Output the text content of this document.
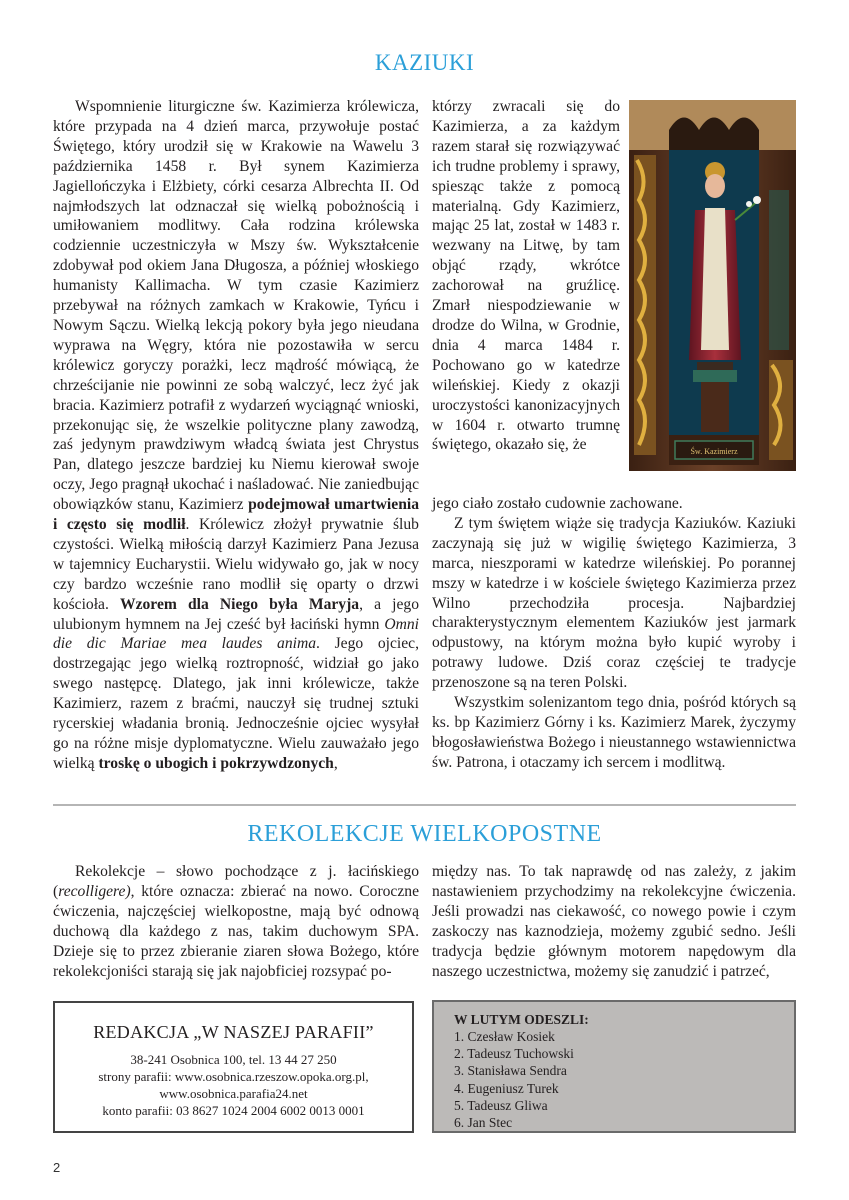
KAZIUKI

Wspomnienie liturgiczne św. Kazimierza królewicza, które przypada na 4 dzień marca, przywołuje postać Świętego, który urodził się w Krakowie na Wawelu 3 października 1458 r. Był synem Kazimierza Jagiellończyka i Elżbiety, córki cesarza Albrechta II. Od najmłodszych lat odznaczał się wielką pobożnością i umiłowaniem modlitwy. Cała rodzina królewska codziennie uczestniczyła w Mszy św. Wykształcenie zdobywał pod okiem Jana Długosza, a później włoskiego humanisty Kallimacha. W tym czasie Kazimierz przebywał na różnych zamkach w Krakowie, Tyńcu i Nowym Sączu. Wielką lekcją pokory była jego nieudana wyprawa na Węgry, która nie pozostawiła w sercu królewicz goryczy porażki, lecz mądrość mówiącą, że chrześcijanie nie powinni ze sobą walczyć, lecz żyć jak bracia. Kazimierz potrafił z wydarzeń wyciągnąć wnioski, przekonując się, że wszelkie polityczne plany zawodzą, zaś jedynym prawdziwym władcą świata jest Chrystus Pan, dlatego jeszcze bardziej ku Niemu kierował swoje oczy, Jego pragnął ukochać i naśladować. Nie zaniedbując obowiązków stanu, Kazimierz podejmował umartwienia i często się modlił. Królewicz złożył prywatnie ślub czystości. Wielką miłością darzył Kazimierz Pana Jezusa w tajemnicy Eucharystii. Wielu widywało go, jak w nocy czy bardzo wcześnie rano modlił się oparty o drzwi kościoła. Wzorem dla Niego była Maryja, a jego ulubionym hymnem na Jej cześć był łaciński hymn Omni die dic Mariae mea laudes anima. Jego ojciec, dostrzegając jego wielką roztropność, widział go jako swego następcę. Dlatego, jak inni królewicze, także Kazimierz, razem z braćmi, nauczył się trudnej sztuki rycerskiej władania bronią. Jednocześnie ojciec wysyłał go na różne misje dyplomatyczne. Wielu zauważało jego wielką troskę o ubogich i pokrzywdzonych,

którzy zwracali się do Kazimierza, a za każdym razem starał się rozwiązywać ich trudne problemy i sprawy, spiesząc także z pomocą materialną. Gdy Kazimierz, mając 25 lat, został w 1483 r. wezwany na Litwę, by tam objąć rządy, wkrótce zachorował na gruźlicę. Zmarł niespodziewanie w drodze do Wilna, w Grodnie, dnia 4 marca 1484 r. Pochowano go w katedrze wileńskiej. Kiedy z okazji uroczystości kanonizacyjnych w 1604 r. otwarto trumnę świętego, okazało się, że	Św. Kazimierz

jego ciało zostało cudownie zachowane.

Z tym świętem wiąże się tradycja Kaziuków. Kaziuki zaczynają się już w wigilię świętego Kazimierza, 3 marca, nieszporami w katedrze wileńskiej. Po porannej mszy w katedrze i w kościele świętego Kazimierza przez Wilno przechodziła procesja. Najbardziej charakterystycznym elementem Kaziuków jest jarmark odpustowy, na którym można było kupić wyroby i potrawy ludowe. Dziś coraz częściej te tradycje przenoszone są na teren Polski.

Wszystkim solenizantom tego dnia, pośród których są ks. bp Kazimierz Górny i ks. Kazimierz Marek, życzymy błogosławieństwa Bożego i nieustannego wstawiennictwa św. Patrona, i otaczamy ich sercem i modlitwą.

REKOLEKCJE WIELKOPOSTNE

Rekolekcje – słowo pochodzące z j. łacińskiego (recolligere), które oznacza: zbierać na nowo. Coroczne ćwiczenia, najczęściej wielkopostne, mają być odnową duchową dla każdego z nas, takim duchowym SPA. Dzieje się to przez zbieranie ziaren słowa Bożego, które rekolekcjoniści starają się jak najobficiej rozsypać po-

między nas. To tak naprawdę od nas zależy, z jakim nastawieniem przychodzimy na rekolekcyjne ćwiczenia. Jeśli prowadzi nas ciekawość, co nowego powie i czym zaskoczy nas kaznodzieja, możemy zgubić sedno. Jeśli tradycja będzie głównym motorem napędowym dla naszego uczestnictwa, możemy się zanudzić i patrzeć,

REDAKCJA „W NASZEJ PARAFII”
38-241 Osobnica 100, tel. 13 44 27 250
strony parafii: www.osobnica.rzeszow.opoka.org.pl,
www.osobnica.parafia24.net
konto parafii: 03 8627 1024 2004 6002 0013 0001
W LUTYM ODESZLI:
1. Czesław Kosiek
2. Tadeusz Tuchowski
3. Stanisława Sendra
4. Eugeniusz Turek
5. Tadeusz Gliwa
6. Jan Stec
2
